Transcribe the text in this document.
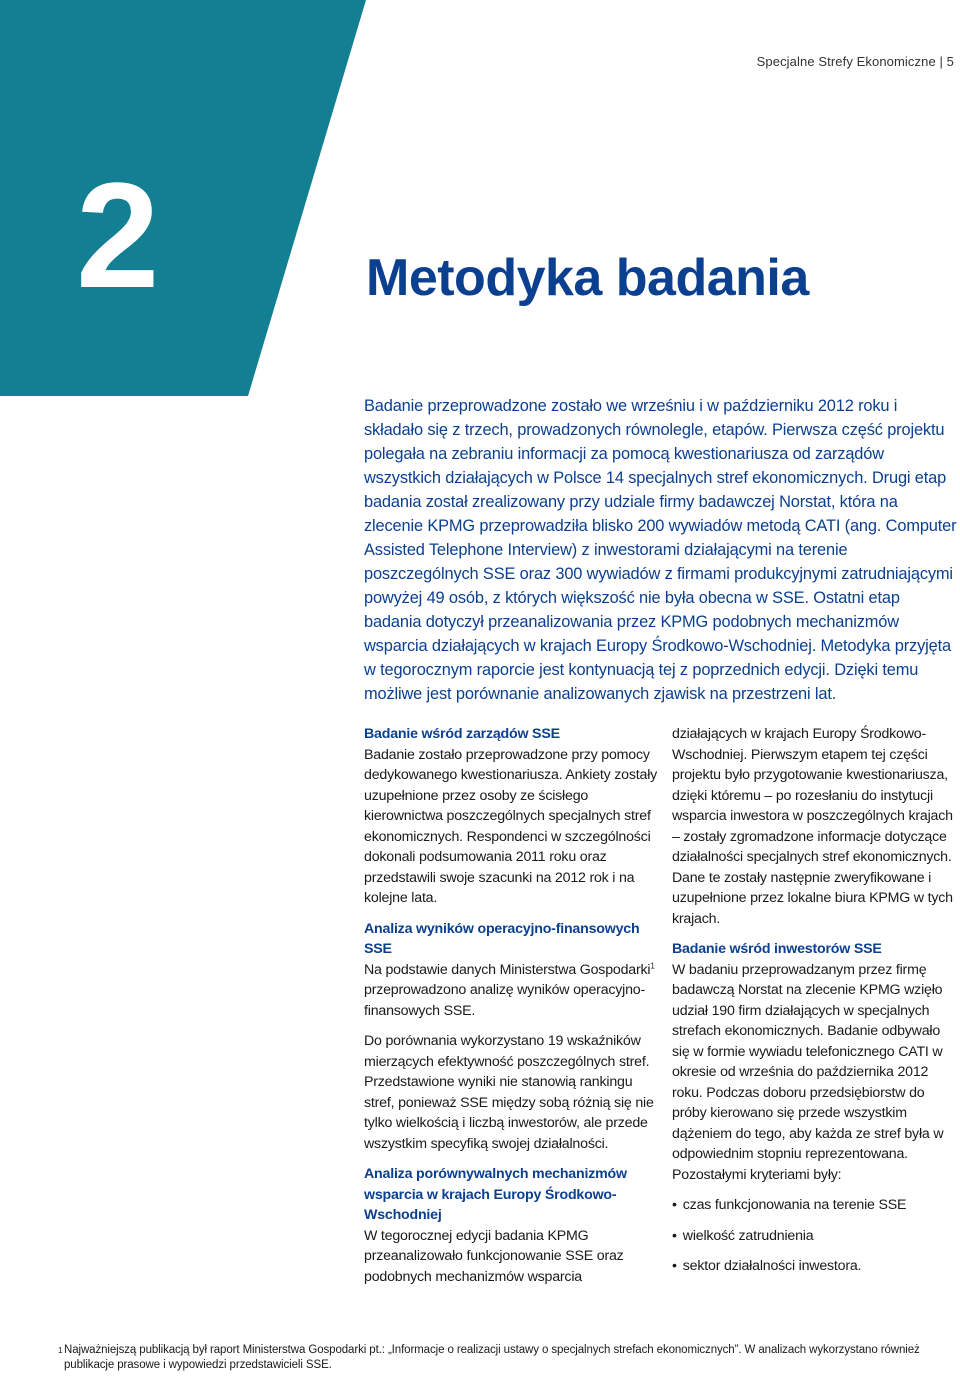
Specjalne Strefy Ekonomiczne | 5
2	Metodyka badania

Badanie przeprowadzone zostało we wrześniu i w październiku 2012 roku i składało się z trzech, prowadzonych równolegle, etapów. Pierwsza część projektu polegała na zebraniu informacji za pomocą kwestionariusza od zarządów wszystkich działających w Polsce 14 specjalnych stref ekonomicznych. Drugi etap badania został zrealizowany przy udziale firmy badawczej Norstat, która na zlecenie KPMG przeprowadziła blisko 200 wywiadów metodą CATI (ang. Computer Assisted Telephone Interview) z inwestorami działającymi na terenie poszczególnych SSE oraz 300 wywiadów z firmami produkcyjnymi zatrudniającymi powyżej 49 osób, z których większość nie była obecna w SSE. Ostatni etap badania dotyczył przeanalizowania przez KPMG podobnych mechanizmów wsparcia działających w krajach Europy Środkowo-Wschodniej. Metodyka przyjęta w tegorocznym raporcie jest kontynuacją tej z poprzednich edycji. Dzięki temu możliwe jest porównanie analizowanych zjawisk na przestrzeni lat.

Badanie wśród zarządów SSE

Badanie zostało przeprowadzone przy pomocy dedykowanego kwestionariusza. Ankiety zostały uzupełnione przez osoby ze ścisłego kierownictwa poszczególnych specjalnych stref ekonomicznych. Respondenci w szczególności dokonali podsumowania 2011 roku oraz przedstawili swoje szacunki na 2012 rok i na kolejne lata.

Analiza wyników operacyjno-finansowych SSE

Na podstawie danych Ministerstwa Gospodarki$^1$ przeprowadzono analizę wyników operacyjno-finansowych SSE.

Do porównania wykorzystano 19 wskaźników mierzących efektywność poszczególnych stref. Przedstawione wyniki nie stanowią rankingu stref, ponieważ SSE między sobą różnią się nie tylko wielkością i liczbą inwestorów, ale przede wszystkim specyfiką swojej działalności.

Analiza porównywalnych mechanizmów wsparcia w krajach Europy Środkowo-Wschodniej

W tegorocznej edycji badania KPMG przeanalizowało funkcjonowanie SSE oraz podobnych mechanizmów wsparcia

działających w krajach Europy Środkowo-Wschodniej. Pierwszym etapem tej części projektu było przygotowanie kwestionariusza, dzięki któremu – po rozesłaniu do instytucji wsparcia inwestora w poszczególnych krajach – zostały zgromadzone informacje dotyczące działalności specjalnych stref ekonomicznych. Dane te zostały następnie zweryfikowane i uzupełnione przez lokalne biura KPMG w tych krajach.

Badanie wśród inwestorów SSE

W badaniu przeprowadzanym przez firmę badawczą Norstat na zlecenie KPMG wzięło udział 190 firm działających w specjalnych strefach ekonomicznych. Badanie odbywało się w formie wywiadu telefonicznego CATI w okresie od września do października 2012 roku. Podczas doboru przedsiębiorstw do próby kierowano się przede wszystkim dążeniem do tego, aby każda ze stref była w odpowiednim stopniu reprezentowana. Pozostałymi kryteriami były:

• czas funkcjonowania na terenie SSE
• wielkość zatrudnienia
• sektor działalności inwestora.
1 Najważniejszą publikacją był raport Ministerstwa Gospodarki pt.: „Informacje o realizacji ustawy o specjalnych strefach ekonomicznych”. W analizach wykorzystano również publikacje prasowe i wypowiedzi przedstawicieli SSE.
